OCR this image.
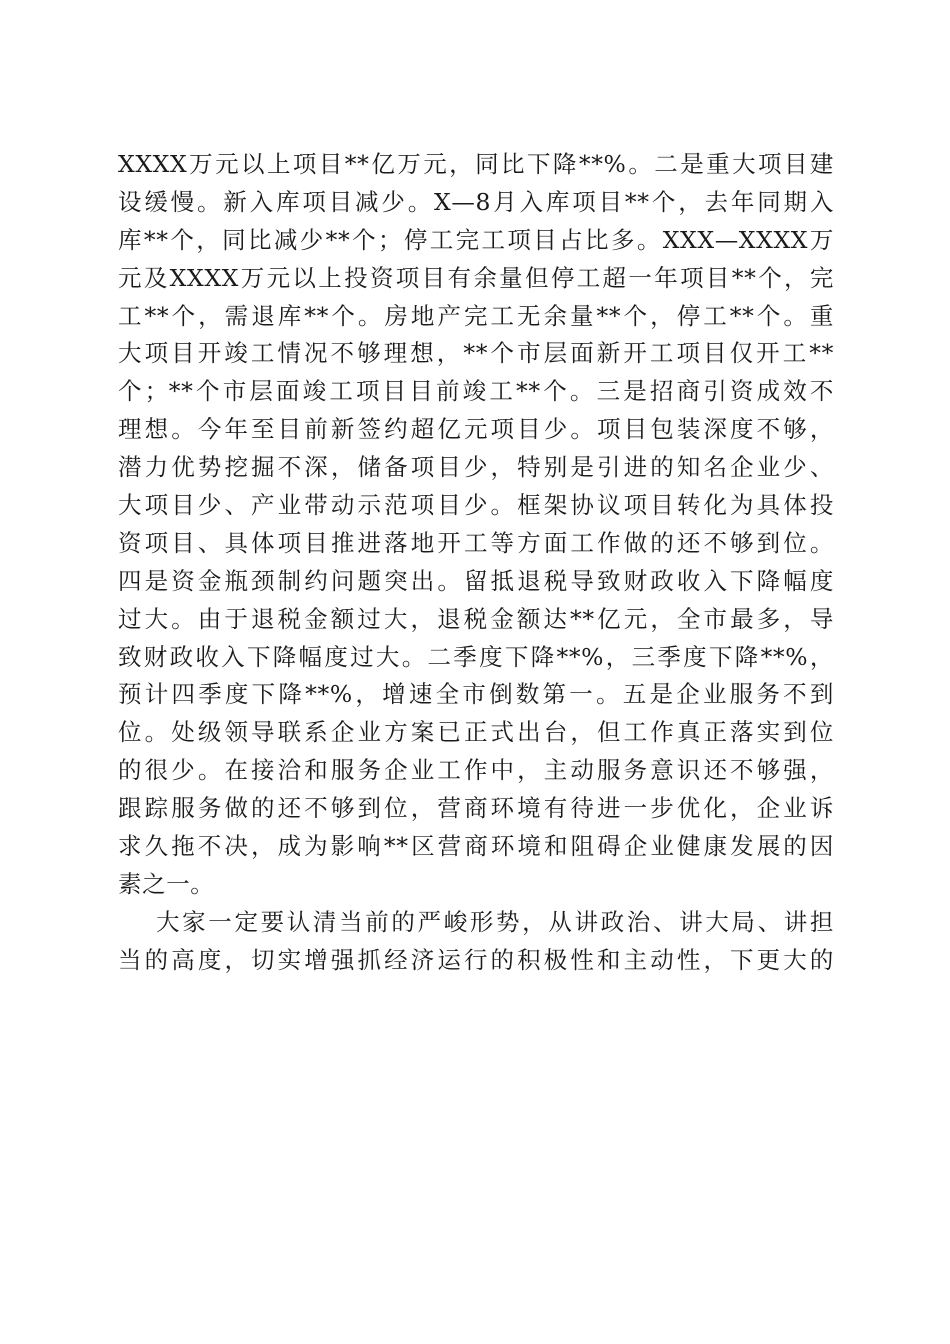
XXXX万元以上项目**亿万元，同比下降**%。二是重大项目建
设缓慢。新入库项目减少。X—8月入库项目**个，去年同期入
库**个，同比减少**个；停工完工项目占比多。XXX—XXXX万
元及XXXX万元以上投资项目有余量但停工超一年项目**个，完
工**个，需退库**个。房地产完工无余量**个，停工**个。重
大项目开竣工情况不够理想，**个市层面新开工项目仅开工**
个；**个市层面竣工项目目前竣工**个。三是招商引资成效不
理想。今年至目前新签约超亿元项目少。项目包装深度不够，
潜力优势挖掘不深，储备项目少，特别是引进的知名企业少、
大项目少、产业带动示范项目少。框架协议项目转化为具体投
资项目、具体项目推进落地开工等方面工作做的还不够到位。
四是资金瓶颈制约问题突出。留抵退税导致财政收入下降幅度
过大。由于退税金额过大，退税金额达**亿元，全市最多，导
致财政收入下降幅度过大。二季度下降**%，三季度下降**%，
预计四季度下降**%，增速全市倒数第一。五是企业服务不到
位。处级领导联系企业方案已正式出台，但工作真正落实到位
的很少。在接洽和服务企业工作中，主动服务意识还不够强，
跟踪服务做的还不够到位，营商环境有待进一步优化，企业诉
求久拖不决，成为影响**区营商环境和阻碍企业健康发展的因
素之一。
大家一定要认清当前的严峻形势，从讲政治、讲大局、讲担
当的高度，切实增强抓经济运行的积极性和主动性，下更大的
